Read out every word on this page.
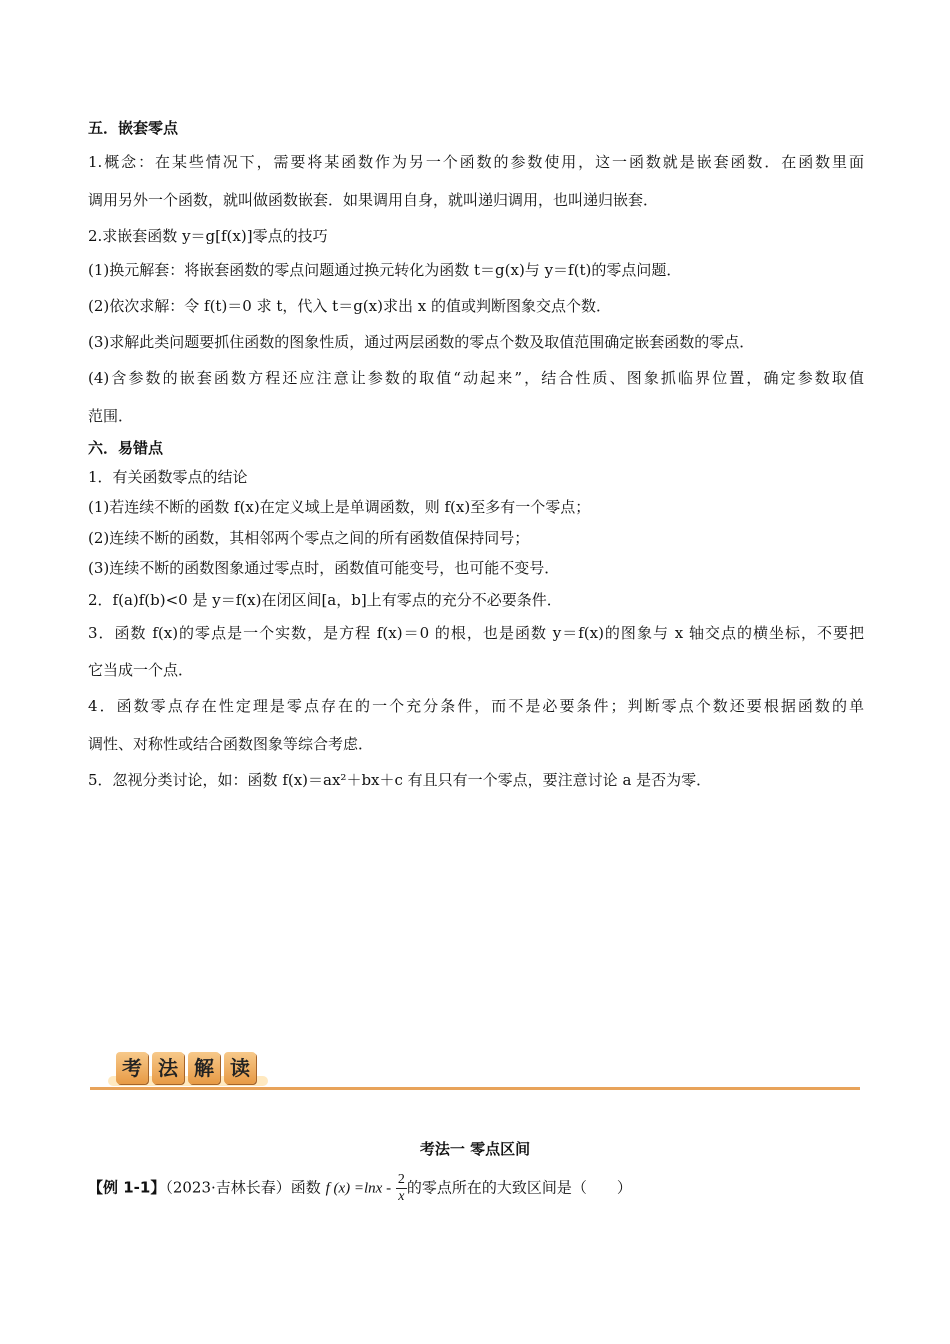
五．嵌套零点
1.概念：在某些情况下，需要将某函数作为另一个函数的参数使用，这一函数就是嵌套函数．在函数里面
调用另外一个函数，就叫做函数嵌套．如果调用自身，就叫递归调用，也叫递归嵌套．
2.求嵌套函数 y＝g[f(x)]零点的技巧
(1)换元解套：将嵌套函数的零点问题通过换元转化为函数 t＝g(x)与 y＝f(t)的零点问题．
(2)依次求解：令 f(t)＝0 求 t，代入 t＝g(x)求出 x 的值或判断图象交点个数．
(3)求解此类问题要抓住函数的图象性质，通过两层函数的零点个数及取值范围确定嵌套函数的零点．
(4)含参数的嵌套函数方程还应注意让参数的取值“动起来”，结合性质、图象抓临界位置，确定参数取值
范围．
六．易错点
1．有关函数零点的结论
(1)若连续不断的函数 f(x)在定义域上是单调函数，则 f(x)至多有一个零点；
(2)连续不断的函数，其相邻两个零点之间的所有函数值保持同号；
(3)连续不断的函数图象通过零点时，函数值可能变号，也可能不变号．
2．f(a)f(b)<0 是 y＝f(x)在闭区间[a，b]上有零点的充分不必要条件．
3．函数 f(x)的零点是一个实数，是方程 f(x)＝0 的根，也是函数 y＝f(x)的图象与 x 轴交点的横坐标，不要把
它当成一个点．
4．函数零点存在性定理是零点存在的一个充分条件，而不是必要条件；判断零点个数还要根据函数的单
调性、对称性或结合函数图象等综合考虑．
5．忽视分类讨论，如：函数 f(x)＝ax²＋bx＋c 有且只有一个零点，要注意讨论 a 是否为零．
考 法 解 读
考法一 零点区间
【例 1-1】（2023·吉林长春）函数 f $(x) =\ln x - \frac{2}{x}$ 的零点所在的大致区间是（　　）
